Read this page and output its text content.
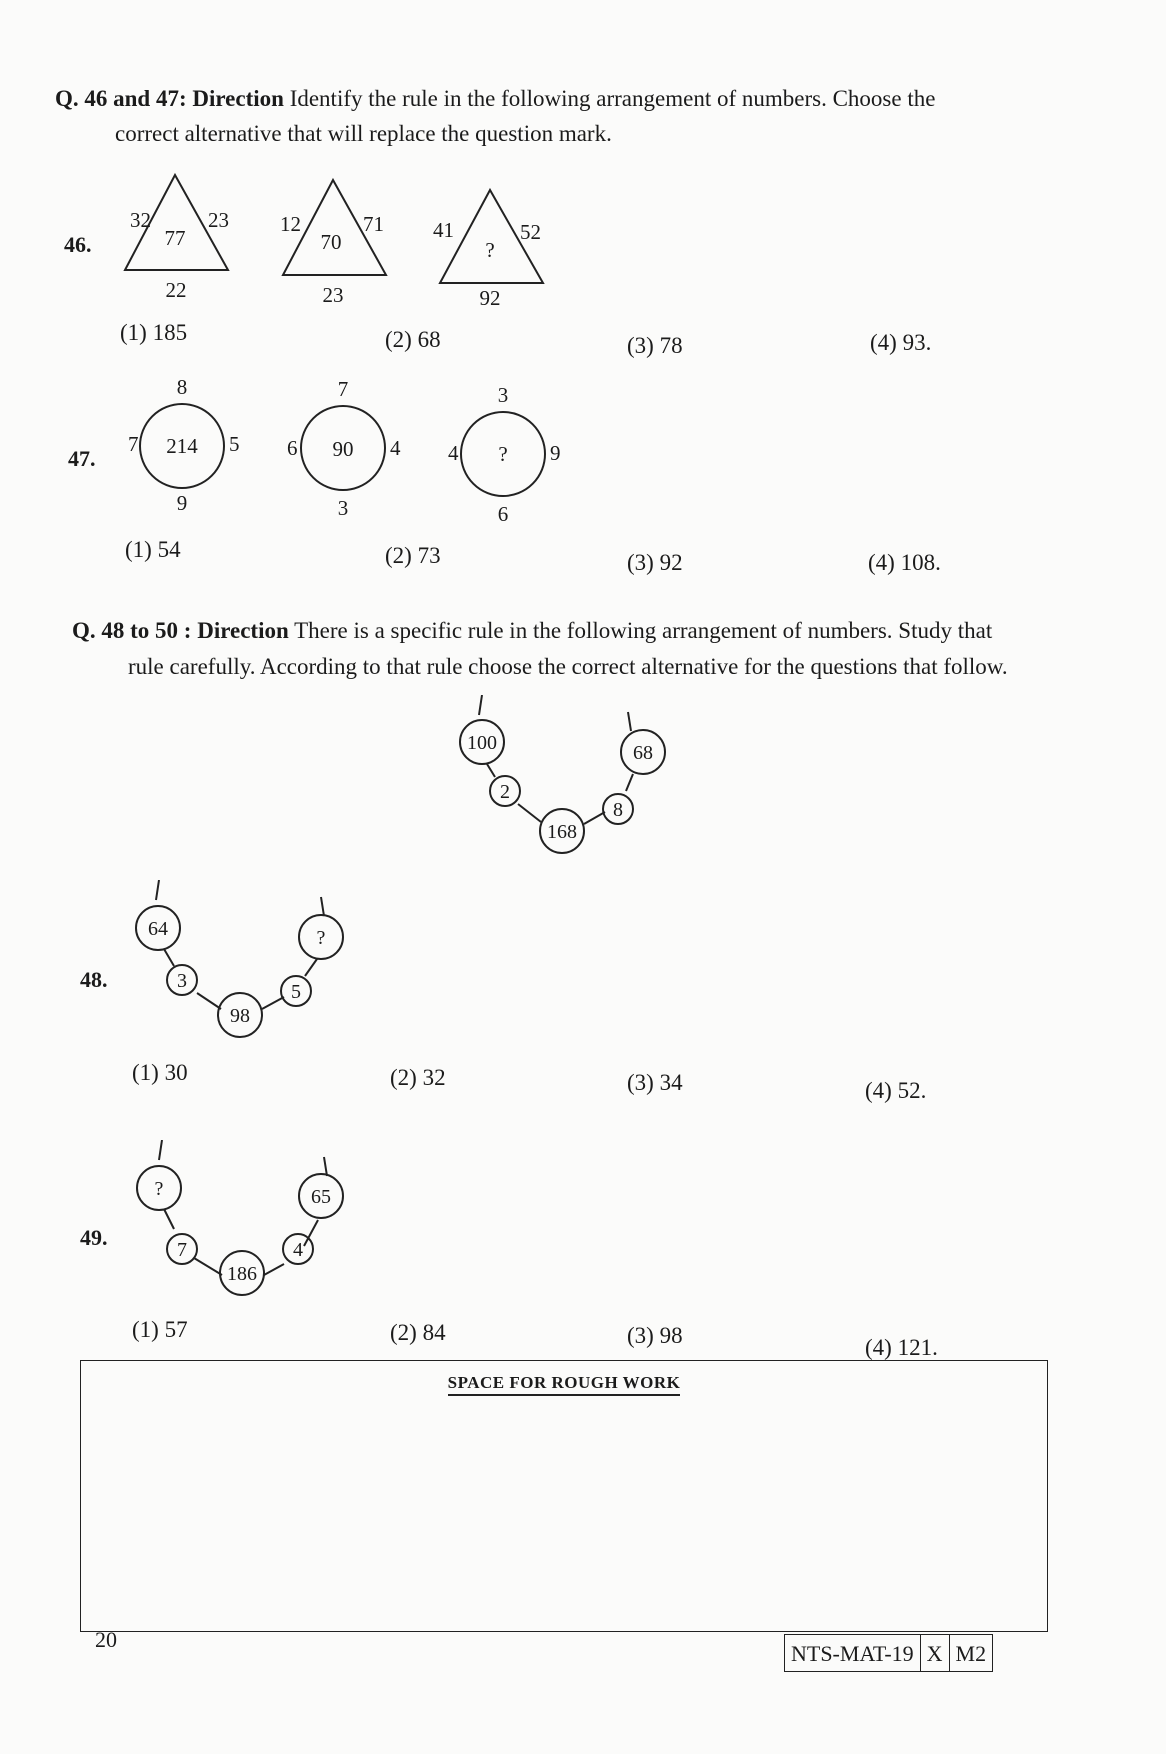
Q. 46 and 47: Direction Identify the rule in the following arrangement of numbers. Choose the
correct alternative that will replace the question mark.
46.
32
77
23
22
12
70
71
23
41
?
52
92
(1) 185	(2) 68	(3) 78	(4) 93.
47.
8
7 214 5
9
7
6 90 4
3
3
4 ? 9
6
(1) 54	(2) 73	(3) 92	(4) 108.
Q. 48 to 50 : Direction There is a specific rule in the following arrangement of numbers. Study that
rule carefully. According to that rule choose the correct alternative for the questions that follow.
100
2
168
8
68
48.
64
3
98
5
?
(1) 30	(2) 32	(3) 34	(4) 52.
49.
?
7
186
4
65
(1) 57	(2) 84	(3) 98	(4) 121.
SPACE FOR ROUGH WORK
20
NTS-MAT-19 X M2
